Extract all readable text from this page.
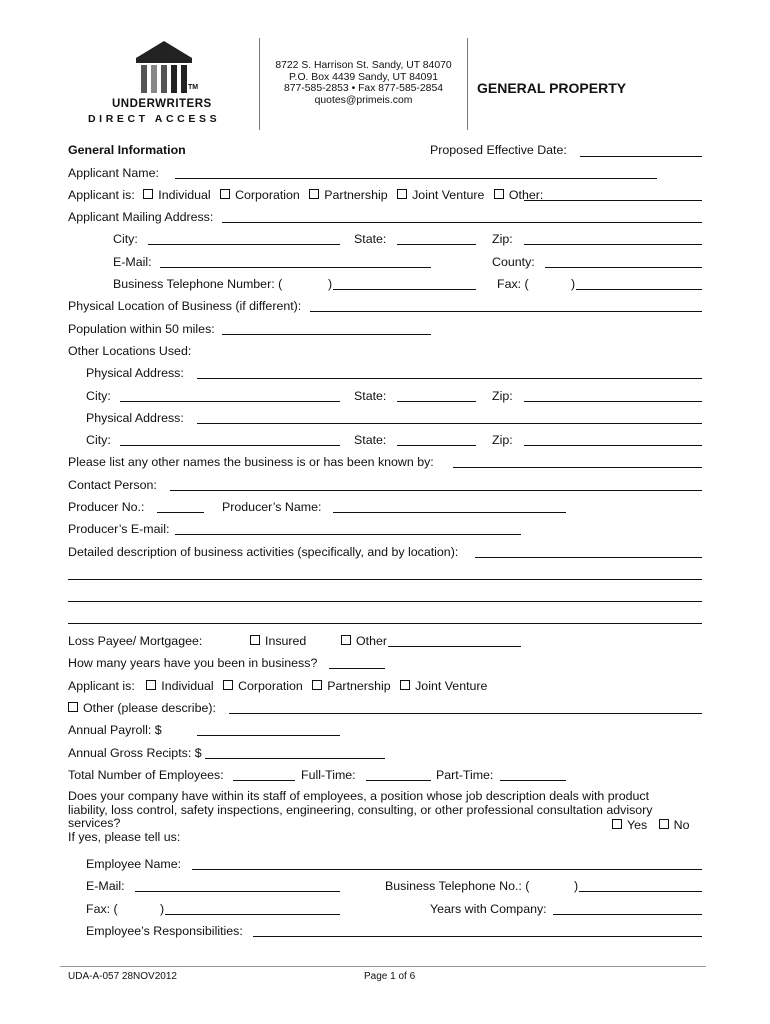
TM
UNDERWRITERS
DIRECT ACCESS
8722 S. Harrison St. Sandy, UT 84070
P.O. Box 4439 Sandy, UT 84091
877-585-2853 • Fax 877-585-2854
quotes@primeis.com
GENERAL PROPERTY
General Information	Proposed Effective Date:
Applicant Name:
Applicant is: Individual Corporation Partnership Joint Venture Other:
Applicant Mailing Address:
City:	State:	Zip:
E-Mail:	County:
Business Telephone Number: (	)	Fax: (	)
Physical Location of Business (if different):
Population within 50 miles:
Other Locations Used:
Physical Address:
City:	State:	Zip:
Physical Address:
City:	State:	Zip:
Please list any other names the business is or has been known by:
Contact Person:
Producer No.:	Producer’s Name:
Producer’s E-mail:
Detailed description of business activities (specifically, and by location):
Loss Payee/ Mortgagee:	Insured	Other
How many years have you been in business?
Applicant is: Individual Corporation Partnership Joint Venture
Other (please describe):
Annual Payroll: $
Annual Gross Recipts: $
Total Number of Employees:	Full-Time:	Part-Time:
Does your company have within its staff of employees, a position whose job description deals with product
liability, loss control, safety inspections, engineering, consulting, or other professional consultation advisory
services?
If yes, please tell us:
Yes No
Employee Name:
E-Mail:	Business Telephone No.: (	)
Fax: (	)	Years with Company:
Employee’s Responsibilities:
UDA-A-057 28NOV2012	Page 1 of 6
